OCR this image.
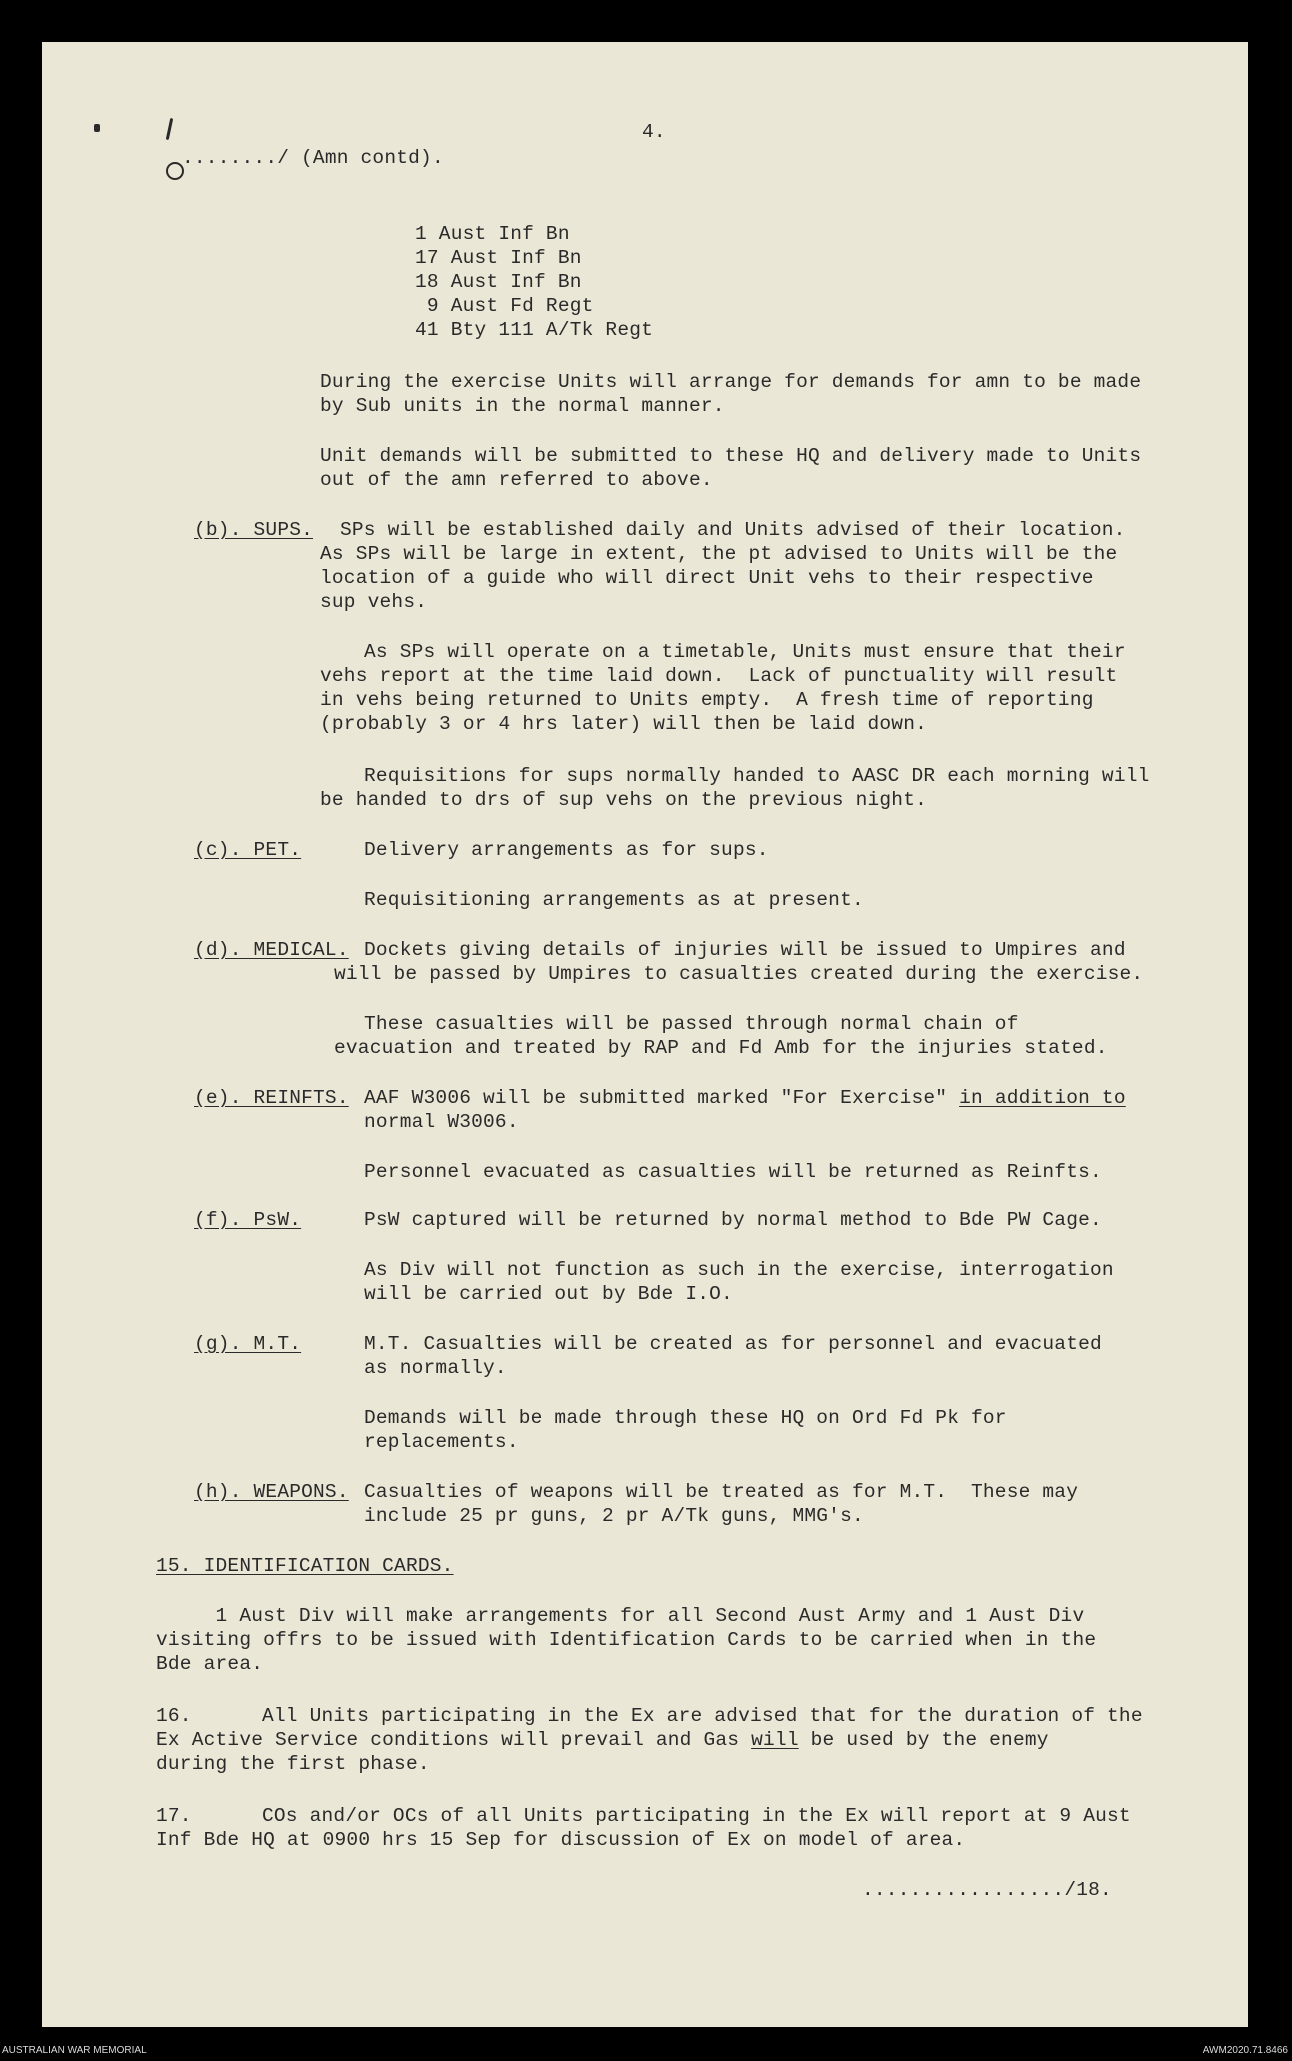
4.
......../ (Amn contd).
1 Aust Inf Bn
17 Aust Inf Bn
18 Aust Inf Bn
9 Aust Fd Regt
41 Bty 111 A/Tk Regt
During the exercise Units will arrange for demands for amn to be made
by Sub units in the normal manner.
Unit demands will be submitted to these HQ and delivery made to Units
out of the amn referred to above.
(b). SUPS. SPs will be established daily and Units advised of their location.
As SPs will be large in extent, the pt advised to Units will be the
location of a guide who will direct Unit vehs to their respective
sup vehs.
As SPs will operate on a timetable, Units must ensure that their
vehs report at the time laid down.  Lack of punctuality will result
in vehs being returned to Units empty.  A fresh time of reporting
(probably 3 or 4 hrs later) will then be laid down.
Requisitions for sups normally handed to AASC DR each morning will
be handed to drs of sup vehs on the previous night.
(c). PET.	Delivery arrangements as for sups.
Requisitioning arrangements as at present.
(d). MEDICAL. Dockets giving details of injuries will be issued to Umpires and
will be passed by Umpires to casualties created during the exercise.
These casualties will be passed through normal chain of
evacuation and treated by RAP and Fd Amb for the injuries stated.
(e). REINFTS. AAF W3006 will be submitted marked "For Exercise" in addition to
normal W3006.
Personnel evacuated as casualties will be returned as Reinfts.
(f). PsW.	PsW captured will be returned by normal method to Bde PW Cage.
As Div will not function as such in the exercise, interrogation
will be carried out by Bde I.O.
(g). M.T.	M.T. Casualties will be created as for personnel and evacuated
as normally.
Demands will be made through these HQ on Ord Fd Pk for
replacements.
(h). WEAPONS. Casualties of weapons will be treated as for M.T.  These may
include 25 pr guns, 2 pr A/Tk guns, MMG's.
15. IDENTIFICATION CARDS.
1 Aust Div will make arrangements for all Second Aust Army and 1 Aust Div
visiting offrs to be issued with Identification Cards to be carried when in the
Bde area.
16.	All Units participating in the Ex are advised that for the duration of the
Ex Active Service conditions will prevail and Gas will be used by the enemy
during the first phase.
17.	COs and/or OCs of all Units participating in the Ex will report at 9 Aust
Inf Bde HQ at 0900 hrs 15 Sep for discussion of Ex on model of area.
................./18.
AUSTRALIAN WAR MEMORIAL	AWM2020.71.8466
